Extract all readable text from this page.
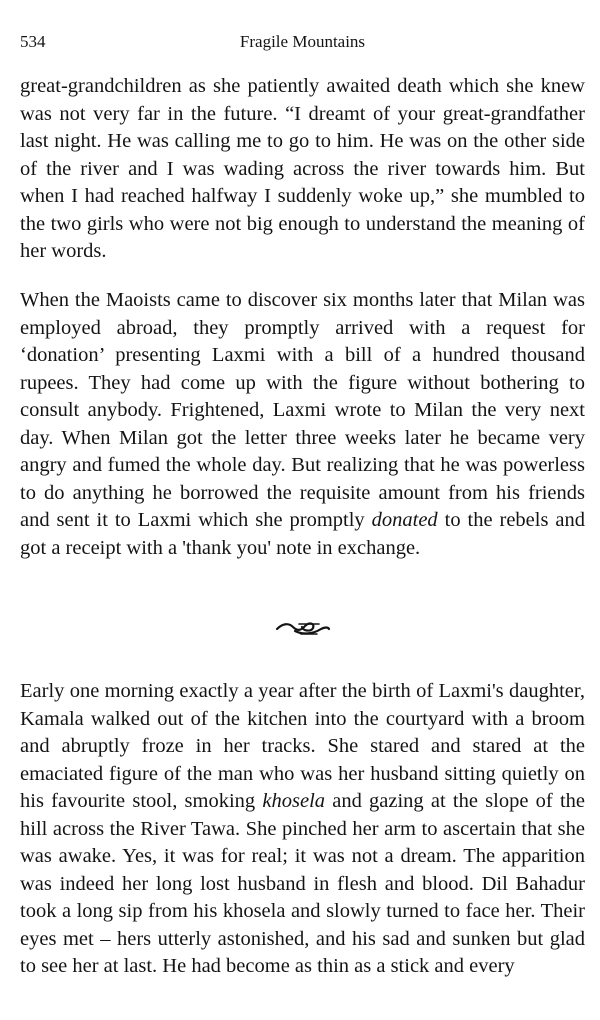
534	Fragile Mountains

great-grandchildren as she patiently awaited death which she knew was not very far in the future. “I dreamt of your great-grandfather last night. He was calling me to go to him. He was on the other side of the river and I was wading across the river towards him. But when I had reached halfway I suddenly woke up,” she mumbled to the two girls who were not big enough to understand the meaning of her words.

When the Maoists came to discover six months later that Milan was employed abroad, they promptly arrived with a request for ‘donation’ presenting Laxmi with a bill of a hundred thousand rupees. They had come up with the figure without bothering to consult anybody. Frightened, Laxmi wrote to Milan the very next day. When Milan got the letter three weeks later he became very angry and fumed the whole day. But realizing that he was powerless to do anything he borrowed the requisite amount from his friends and sent it to Laxmi which she promptly donated to the rebels and got a receipt with a 'thank you' note in exchange.

Early one morning exactly a year after the birth of Laxmi's daughter, Kamala walked out of the kitchen into the courtyard with a broom and abruptly froze in her tracks. She stared and stared at the emaciated figure of the man who was her husband sitting quietly on his favourite stool, smoking khosela and gazing at the slope of the hill across the River Tawa. She pinched her arm to ascertain that she was awake. Yes, it was for real; it was not a dream. The apparition was indeed her long lost husband in flesh and blood. Dil Bahadur took a long sip from his khosela and slowly turned to face her. Their eyes met – hers utterly astonished, and his sad and sunken but glad to see her at last. He had become as thin as a stick and every
